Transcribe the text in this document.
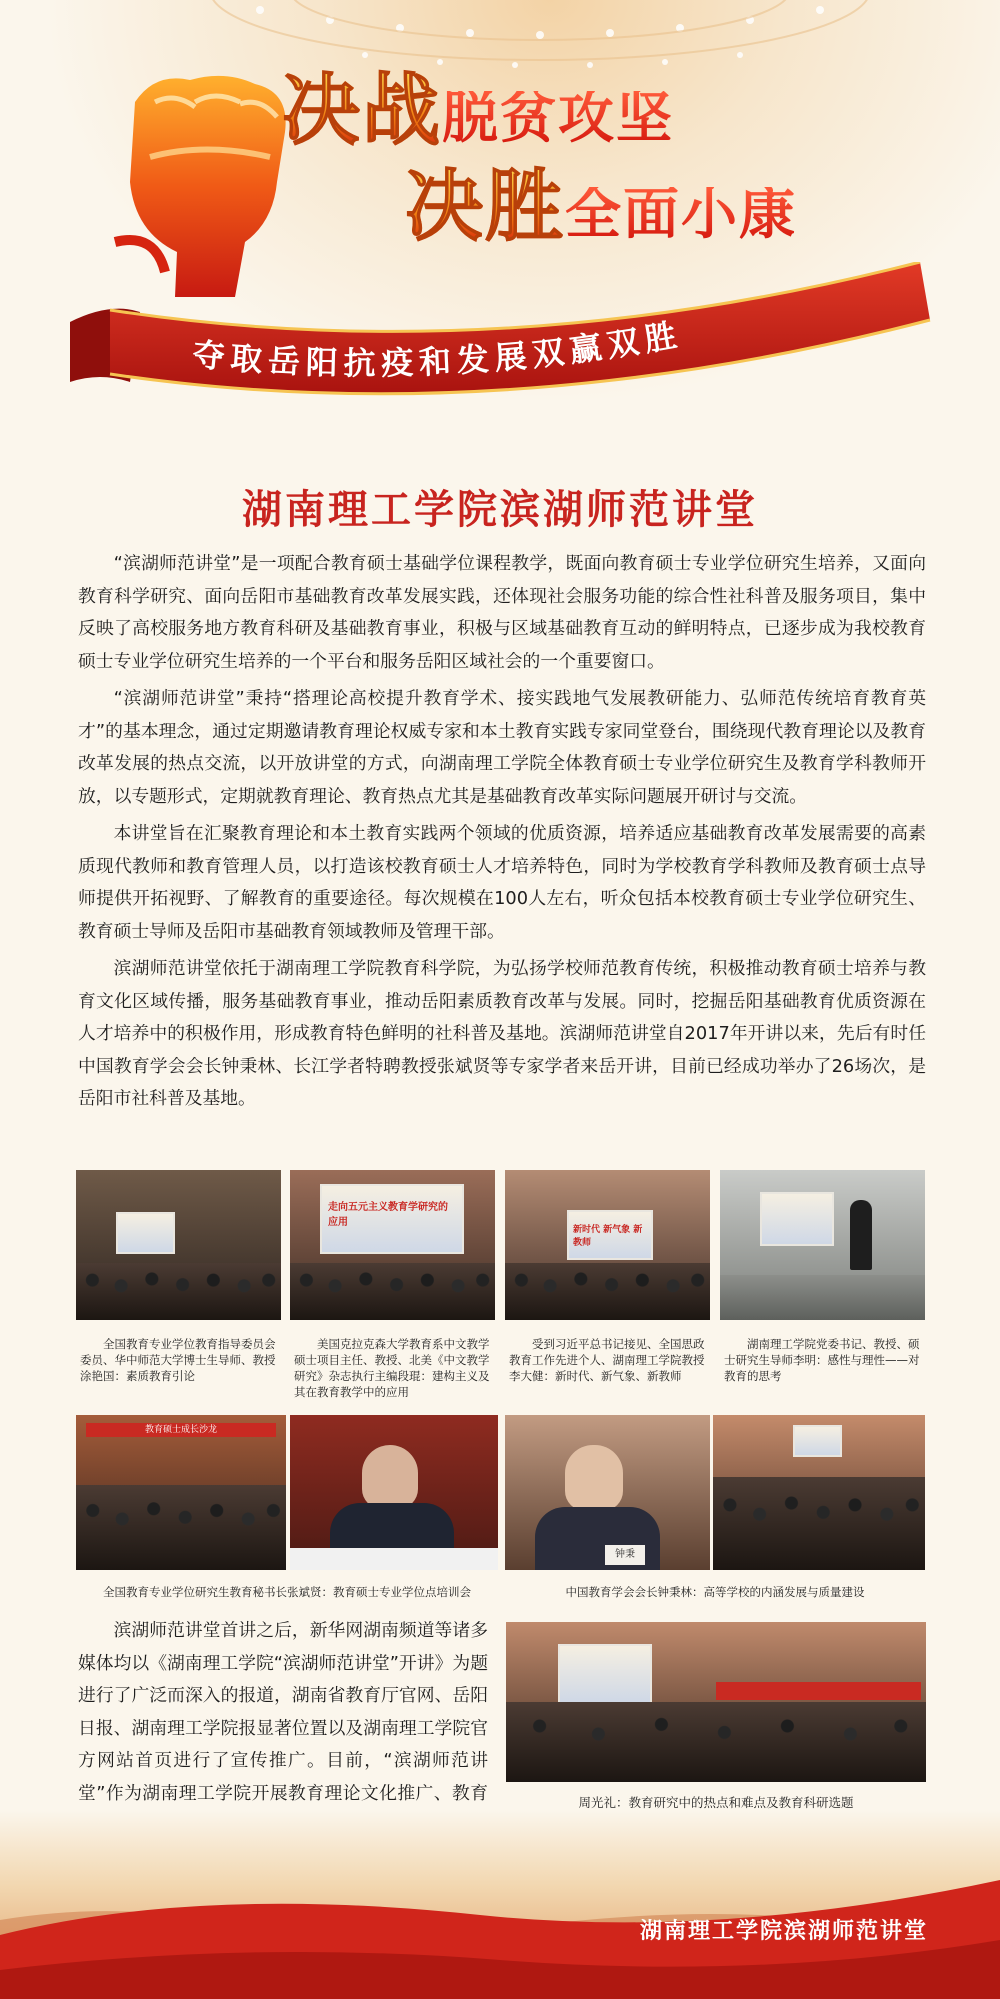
决战脱贫攻坚
决胜全面小康
夺取岳阳抗疫和发展双赢双胜
湖南理工学院滨湖师范讲堂

“滨湖师范讲堂”是一项配合教育硕士基础学位课程教学，既面向教育硕士专业学位研究生培养，又面向教育科学研究、面向岳阳市基础教育改革发展实践，还体现社会服务功能的综合性社科普及服务项目，集中反映了高校服务地方教育科研及基础教育事业，积极与区域基础教育互动的鲜明特点，已逐步成为我校教育硕士专业学位研究生培养的一个平台和服务岳阳区域社会的一个重要窗口。

“滨湖师范讲堂”秉持“搭理论高校提升教育学术、接实践地气发展教研能力、弘师范传统培育教育英才”的基本理念，通过定期邀请教育理论权威专家和本土教育实践专家同堂登台，围绕现代教育理论以及教育改革发展的热点交流，以开放讲堂的方式，向湖南理工学院全体教育硕士专业学位研究生及教育学科教师开放，以专题形式，定期就教育理论、教育热点尤其是基础教育改革实际问题展开研讨与交流。

本讲堂旨在汇聚教育理论和本土教育实践两个领域的优质资源，培养适应基础教育改革发展需要的高素质现代教师和教育管理人员，以打造该校教育硕士人才培养特色，同时为学校教育学科教师及教育硕士点导师提供开拓视野、了解教育的重要途径。每次规模在100人左右，听众包括本校教育硕士专业学位研究生、教育硕士导师及岳阳市基础教育领域教师及管理干部。

滨湖师范讲堂依托于湖南理工学院教育科学院，为弘扬学校师范教育传统，积极推动教育硕士培养与教育文化区域传播，服务基础教育事业，推动岳阳素质教育改革与发展。同时，挖掘岳阳基础教育优质资源在人才培养中的积极作用，形成教育特色鲜明的社科普及基地。滨湖师范讲堂自2017年开讲以来，先后有时任中国教育学会会长钟秉林、长江学者特聘教授张斌贤等专家学者来岳开讲，目前已经成功举办了26场次，是岳阳市社科普及基地。

走向五元主义教育学研究的应用
新时代 新气象 新教师
全国教育专业学位教育指导委员会委员、华中师范大学博士生导师、教授涂艳国：素质教育引论
美国克拉克森大学教育系中文教学硕士项目主任、教授、北美《中文教学研究》杂志执行主编段琨：建构主义及其在教育教学中的应用
受到习近平总书记接见、全国思政教育工作先进个人、湖南理工学院教授李大健：新时代、新气象、新教师
湖南理工学院党委书记、教授、硕士研究生导师李明：感性与理性——对教育的思考
教育硕士成长沙龙
钟秉
全国教育专业学位研究生教育秘书长张斌贤：教育硕士专业学位点培训会	中国教育学会会长钟秉林：高等学校的内涵发展与质量建设

滨湖师范讲堂首讲之后，新华网湖南频道等诸多媒体均以《湖南理工学院“滨湖师范讲堂”开讲》为题进行了广泛而深入的报道，湖南省教育厅官网、岳阳日报、湖南理工学院报显著位置以及湖南理工学院官方网站首页进行了宣传推广。目前，“滨湖师范讲堂”作为湖南理工学院开展教育理论文化推广、教育	周光礼：教育研究中的热点和难点及教育科研选题

湖南理工学院滨湖师范讲堂
